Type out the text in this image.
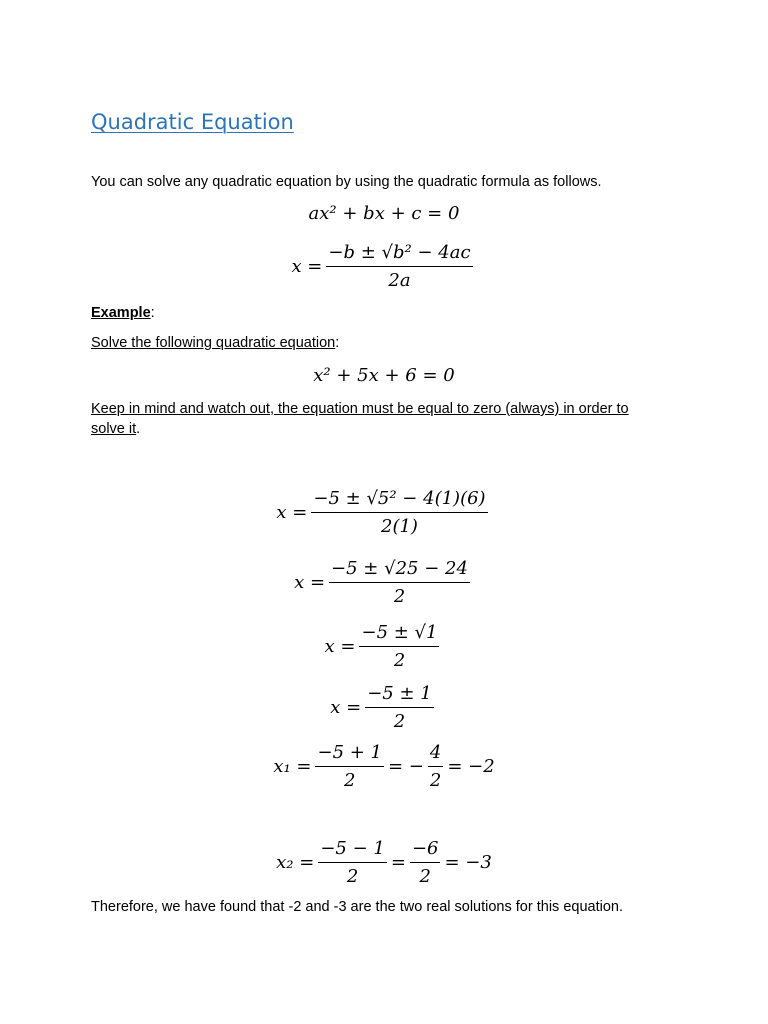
Quadratic Equation
You can solve any quadratic equation by using the quadratic formula as follows.
ax² + bx + c = 0
$x = \frac{\text{−b ± √b² − 4ac}}{2a}$
Example:
Solve the following quadratic equation:
x² + 5x + 6 = 0
Keep in mind and watch out, the equation must be equal to zero (always) in order to solve it.
$x = \frac{\text{−5 ± √5² − 4(1)(6)}}{2(1)}$
$x = \frac{-5 \pm √25 - 24}{2}$
$x = \frac{-5 \pm √1}{2}$
$x = \frac{-5 \pm 1}{2}$
$x_1 = \frac{-5 + 1}{2}$ = − $\frac{4}{2} = -2$
$x_2 = \frac{-5 - 1}{2} = \frac{-6}{2} = -3$
Therefore, we have found that -2 and -3 are the two real solutions for this equation.
